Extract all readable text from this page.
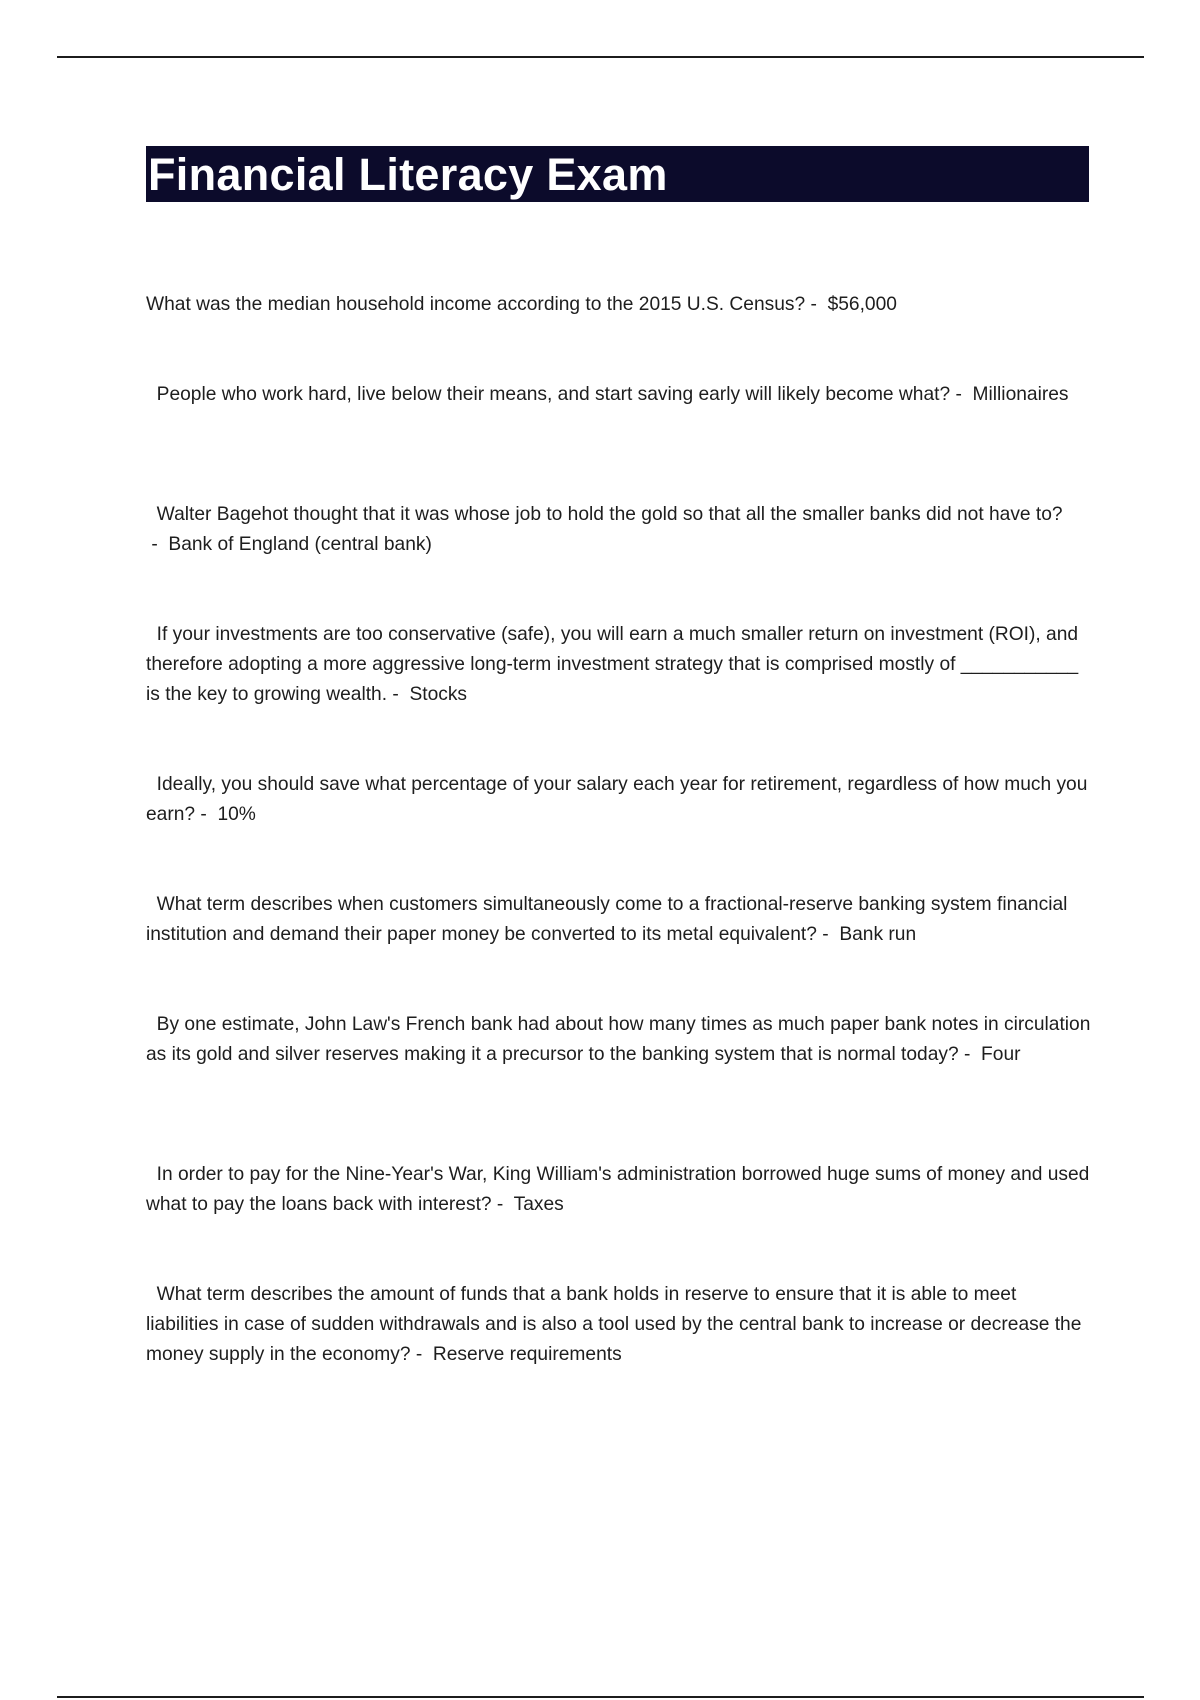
Financial Literacy Exam
What was the median household income according to the 2015 U.S. Census? -  $56,000
People who work hard, live below their means, and start saving early will likely become what? -  Millionaires
Walter Bagehot thought that it was whose job to hold the gold so that all the smaller banks did not have to? -  Bank of England (central bank)
If your investments are too conservative (safe), you will earn a much smaller return on investment (ROI), and therefore adopting a more aggressive long-term investment strategy that is comprised mostly of ___________ is the key to growing wealth. -  Stocks
Ideally, you should save what percentage of your salary each year for retirement, regardless of how much you earn? -  10%
What term describes when customers simultaneously come to a fractional-reserve banking system financial institution and demand their paper money be converted to its metal equivalent? -  Bank run
By one estimate, John Law's French bank had about how many times as much paper bank notes in circulation as its gold and silver reserves making it a precursor to the banking system that is normal today? -  Four
In order to pay for the Nine-Year's War, King William's administration borrowed huge sums of money and used what to pay the loans back with interest? -  Taxes
What term describes the amount of funds that a bank holds in reserve to ensure that it is able to meet liabilities in case of sudden withdrawals and is also a tool used by the central bank to increase or decrease the money supply in the economy? -  Reserve requirements
